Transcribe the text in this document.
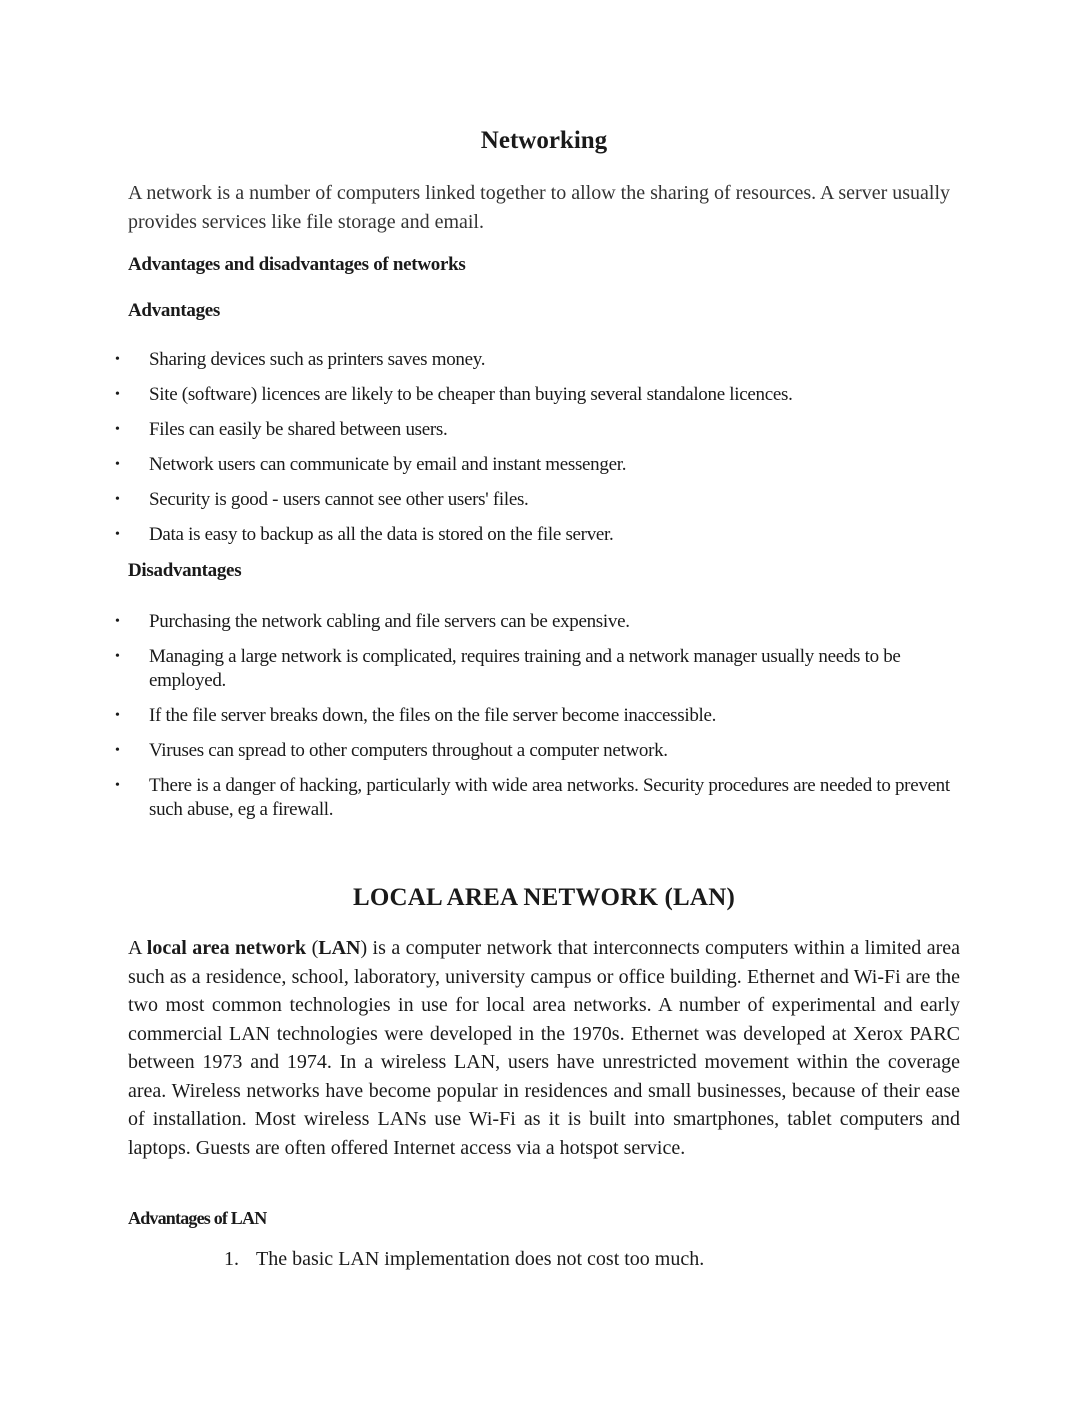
Networking
A network is a number of computers linked together to allow the sharing of resources. A server usually provides services like file storage and email.
Advantages and disadvantages of networks
Advantages
• Sharing devices such as printers saves money.
• Site (software) licences are likely to be cheaper than buying several standalone licences.
• Files can easily be shared between users.
• Network users can communicate by email and instant messenger.
• Security is good - users cannot see other users' files.
• Data is easy to backup as all the data is stored on the file server.
Disadvantages
• Purchasing the network cabling and file servers can be expensive.
• Managing a large network is complicated, requires training and a network manager usually needs to be employed.
• If the file server breaks down, the files on the file server become inaccessible.
• Viruses can spread to other computers throughout a computer network.
• There is a danger of hacking, particularly with wide area networks. Security procedures are needed to prevent such abuse, eg a firewall.
LOCAL AREA NETWORK (LAN)
A local area network (LAN) is a computer network that interconnects computers within a limited area such as a residence, school, laboratory, university campus or office building. Ethernet and Wi-Fi are the two most common technologies in use for local area networks. A number of experimental and early commercial LAN technologies were developed in the 1970s. Ethernet was developed at Xerox PARC between 1973 and 1974. In a wireless LAN, users have unrestricted movement within the coverage area. Wireless networks have become popular in residences and small businesses, because of their ease of installation. Most wireless LANs use Wi-Fi as it is built into smartphones, tablet computers and laptops. Guests are often offered Internet access via a hotspot service.
Advantages of LAN
1. The basic LAN implementation does not cost too much.
